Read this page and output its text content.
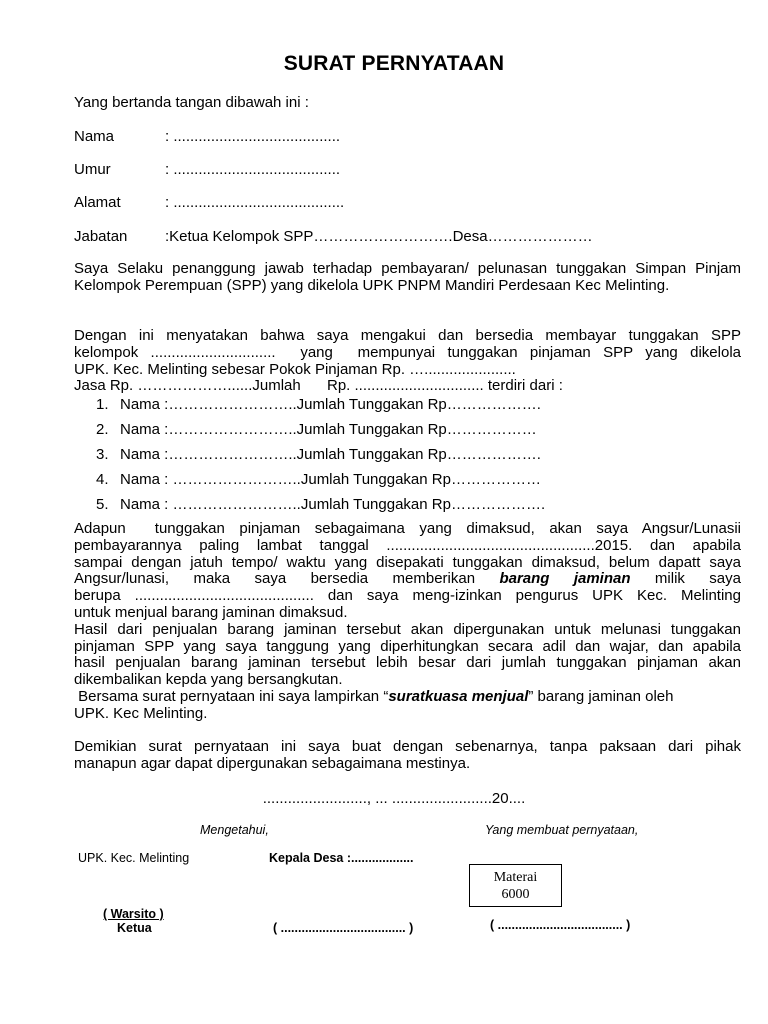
SURAT PERNYATAAN
Yang bertanda tangan dibawah ini :
Nama	: ........................................
Umur	: ........................................
Alamat	: .........................................
Jabatan	:Ketua Kelompok SPP……………………….Desa…………………
Saya Selaku penanggung jawab terhadap pembayaran/ pelunasan tunggakan Simpan Pinjam Kelompok Perempuan (SPP) yang dikelola UPK PNPM Mandiri Perdesaan Kec Melinting.

Dengan ini menyatakan bahwa saya mengakui dan bersedia membayar tunggakan SPP

kelompok ..............................  yang  mempunyai tunggakan pinjaman SPP yang dikelola

UPK. Kec. Melinting sebesar Pokok Pinjaman Rp. …......................

Jasa Rp. ………………......Jumlah Rp. ............................... terdiri dari :
1. Nama :……………………..Jumlah Tunggakan Rp……………….
2. Nama :……………………..Jumlah Tunggakan Rp………………
3. Nama :……………………..Jumlah Tunggakan Rp……………….
4. Nama : ……………………..Jumlah Tunggakan Rp………………
5. Nama : ……………………..Jumlah Tunggakan Rp……………….

Adapun  tunggakan pinjaman sebagaimana yang dimaksud, akan saya Angsur/Lunasii

pembayarannya paling lambat tanggal ..................................................2015. dan apabila

sampai dengan jatuh tempo/ waktu yang disepakati tunggakan dimaksud, belum dapatt saya

Angsur/lunasi,  maka  saya  bersedia  memberikan  barang  jaminan  milik  saya

berupa ........................................... dan saya meng-izinkan pengurus UPK Kec. Melinting

untuk menjual barang jaminan dimaksud.

Hasil dari penjualan barang jaminan tersebut akan dipergunakan untuk melunasi tunggakan

pinjaman SPP yang saya tanggung yang diperhitungkan secara adil dan wajar, dan apabila

hasil penjualan barang jaminan tersebut lebih besar dari jumlah tunggakan pinjaman akan

dikembalikan kepda yang bersangkutan.

Bersama surat pernyataan ini saya lampirkan “suratkuasa menjual” barang jaminan oleh

UPK. Kec Melinting.

Demikian surat pernyataan ini saya buat dengan sebenarnya, tanpa paksaan dari pihak

manapun agar dapat dipergunakan sebagaimana mestinya.

........................., ... ........................20....
Mengetahui,	Yang membuat pernyataan,
UPK. Kec. Melinting	Kepala Desa :..................
Materai
6000
( Warsito )
Ketua	( .................................... )	( .................................... )
